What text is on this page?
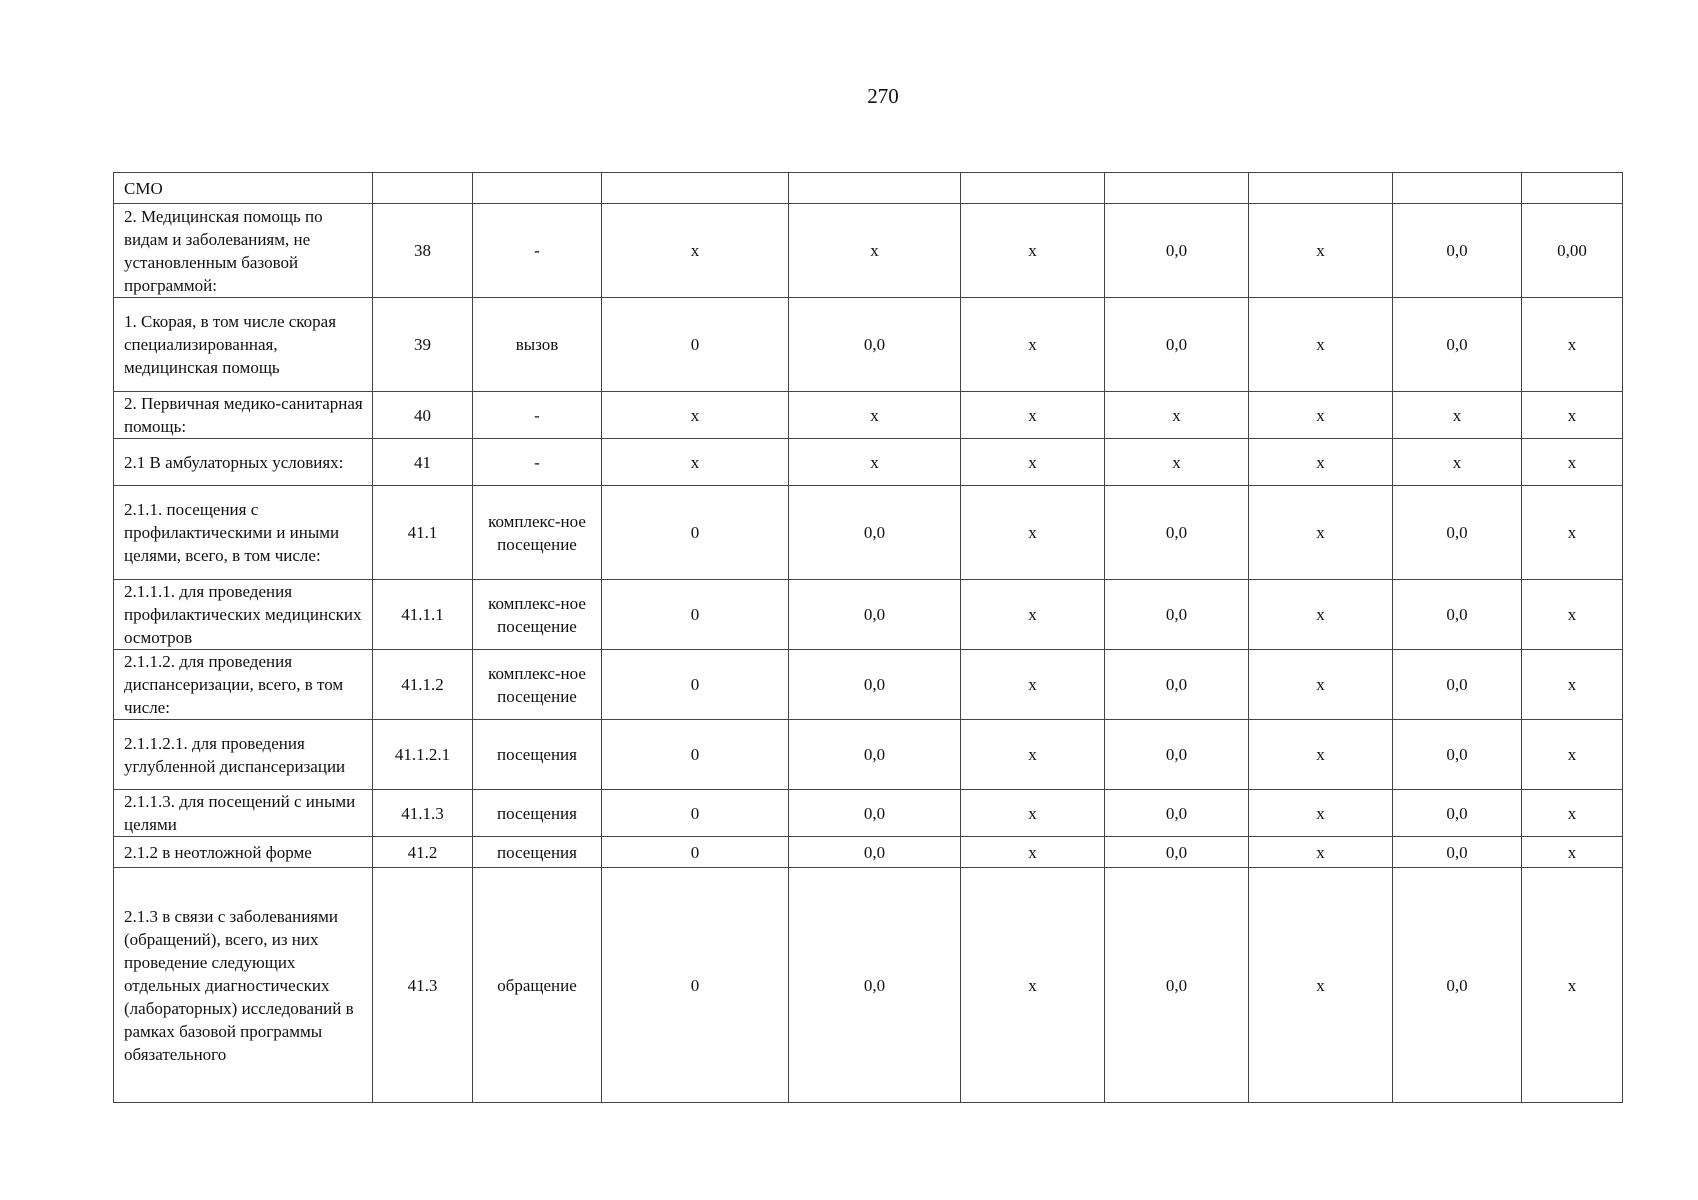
270
СМО									
2. Медицинская помощь по видам и заболеваниям, не установленным базовой программой:	38	-	х	х	х	0,0	х	0,0	0,00
1. Скорая, в том числе скорая специализированная, медицинская помощь	39	вызов	0	0,0	х	0,0	х	0,0	х
2. Первичная медико-санитарная помощь:	40	-	х	х	х	х	х	х	х
2.1 В амбулаторных условиях:	41	-	х	х	х	х	х	х	х
2.1.1. посещения с профилактическими и иными целями, всего, в том числе:	41.1	комплекс-ное посещение	0	0,0	х	0,0	х	0,0	х
2.1.1.1. для проведения профилактических медицинских осмотров	41.1.1	комплекс-ное посещение	0	0,0	х	0,0	х	0,0	х
2.1.1.2. для проведения диспансеризации, всего, в том числе:	41.1.2	комплекс-ное посещение	0	0,0	х	0,0	х	0,0	х
2.1.1.2.1. для проведения углубленной диспансеризации	41.1.2.1	посещения	0	0,0	х	0,0	х	0,0	х
2.1.1.3. для посещений с иными целями	41.1.3	посещения	0	0,0	х	0,0	х	0,0	х
2.1.2 в неотложной форме	41.2	посещения	0	0,0	х	0,0	х	0,0	х
2.1.3 в связи с заболеваниями (обращений), всего, из них проведение следующих отдельных диагностических (лабораторных) исследований в рамках базовой программы обязательного	41.3	обращение	0	0,0	х	0,0	х	0,0	х
